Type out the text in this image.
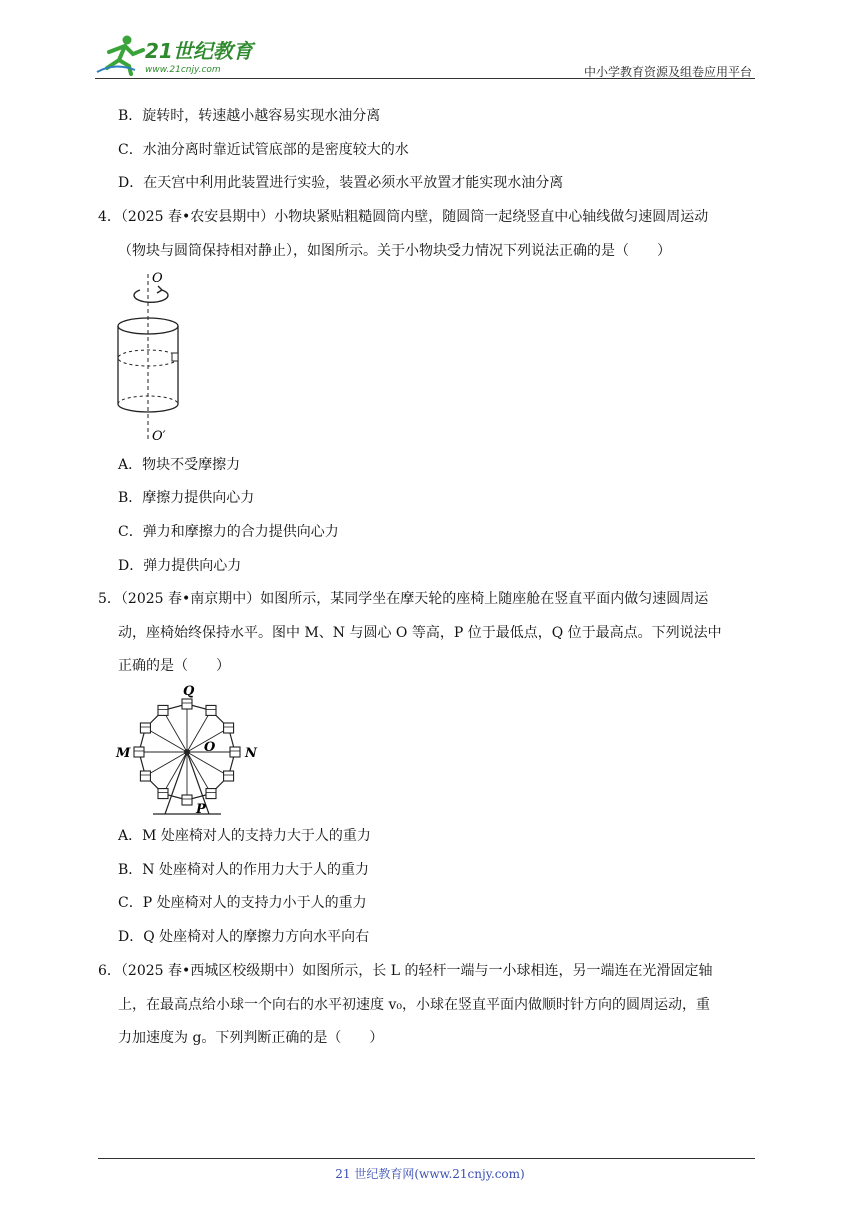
21世纪教育
www.21cnjy.com	中小学教育资源及组卷应用平台
B．旋转时，转速越小越容易实现水油分离
C．水油分离时靠近试管底部的是密度较大的水
D．在天宫中利用此装置进行实验，装置必须水平放置才能实现水油分离
4．（2025 春•农安县期中）小物块紧贴粗糙圆筒内壁，随圆筒一起绕竖直中心轴线做匀速圆周运动
（物块与圆筒保持相对静止），如图所示。关于小物块受力情况下列说法正确的是（　　）
O
O′
A．物块不受摩擦力
B．摩擦力提供向心力
C．弹力和摩擦力的合力提供向心力
D．弹力提供向心力
5．（2025 春•南京期中）如图所示，某同学坐在摩天轮的座椅上随座舱在竖直平面内做匀速圆周运
动，座椅始终保持水平。图中 M、N 与圆心 O 等高，P 位于最低点，Q 位于最高点。下列说法中
正确的是（　　）
Q
M	O N
P
A．M 处座椅对人的支持力大于人的重力
B．N 处座椅对人的作用力大于人的重力
C．P 处座椅对人的支持力小于人的重力
D．Q 处座椅对人的摩擦力方向水平向右
6．（2025 春•西城区校级期中）如图所示，长 L 的轻杆一端与一小球相连，另一端连在光滑固定轴
上，在最高点给小球一个向右的水平初速度 v₀，小球在竖直平面内做顺时针方向的圆周运动，重
力加速度为 g。下列判断正确的是（　　）
21 世纪教育网(www.21cnjy.com)
